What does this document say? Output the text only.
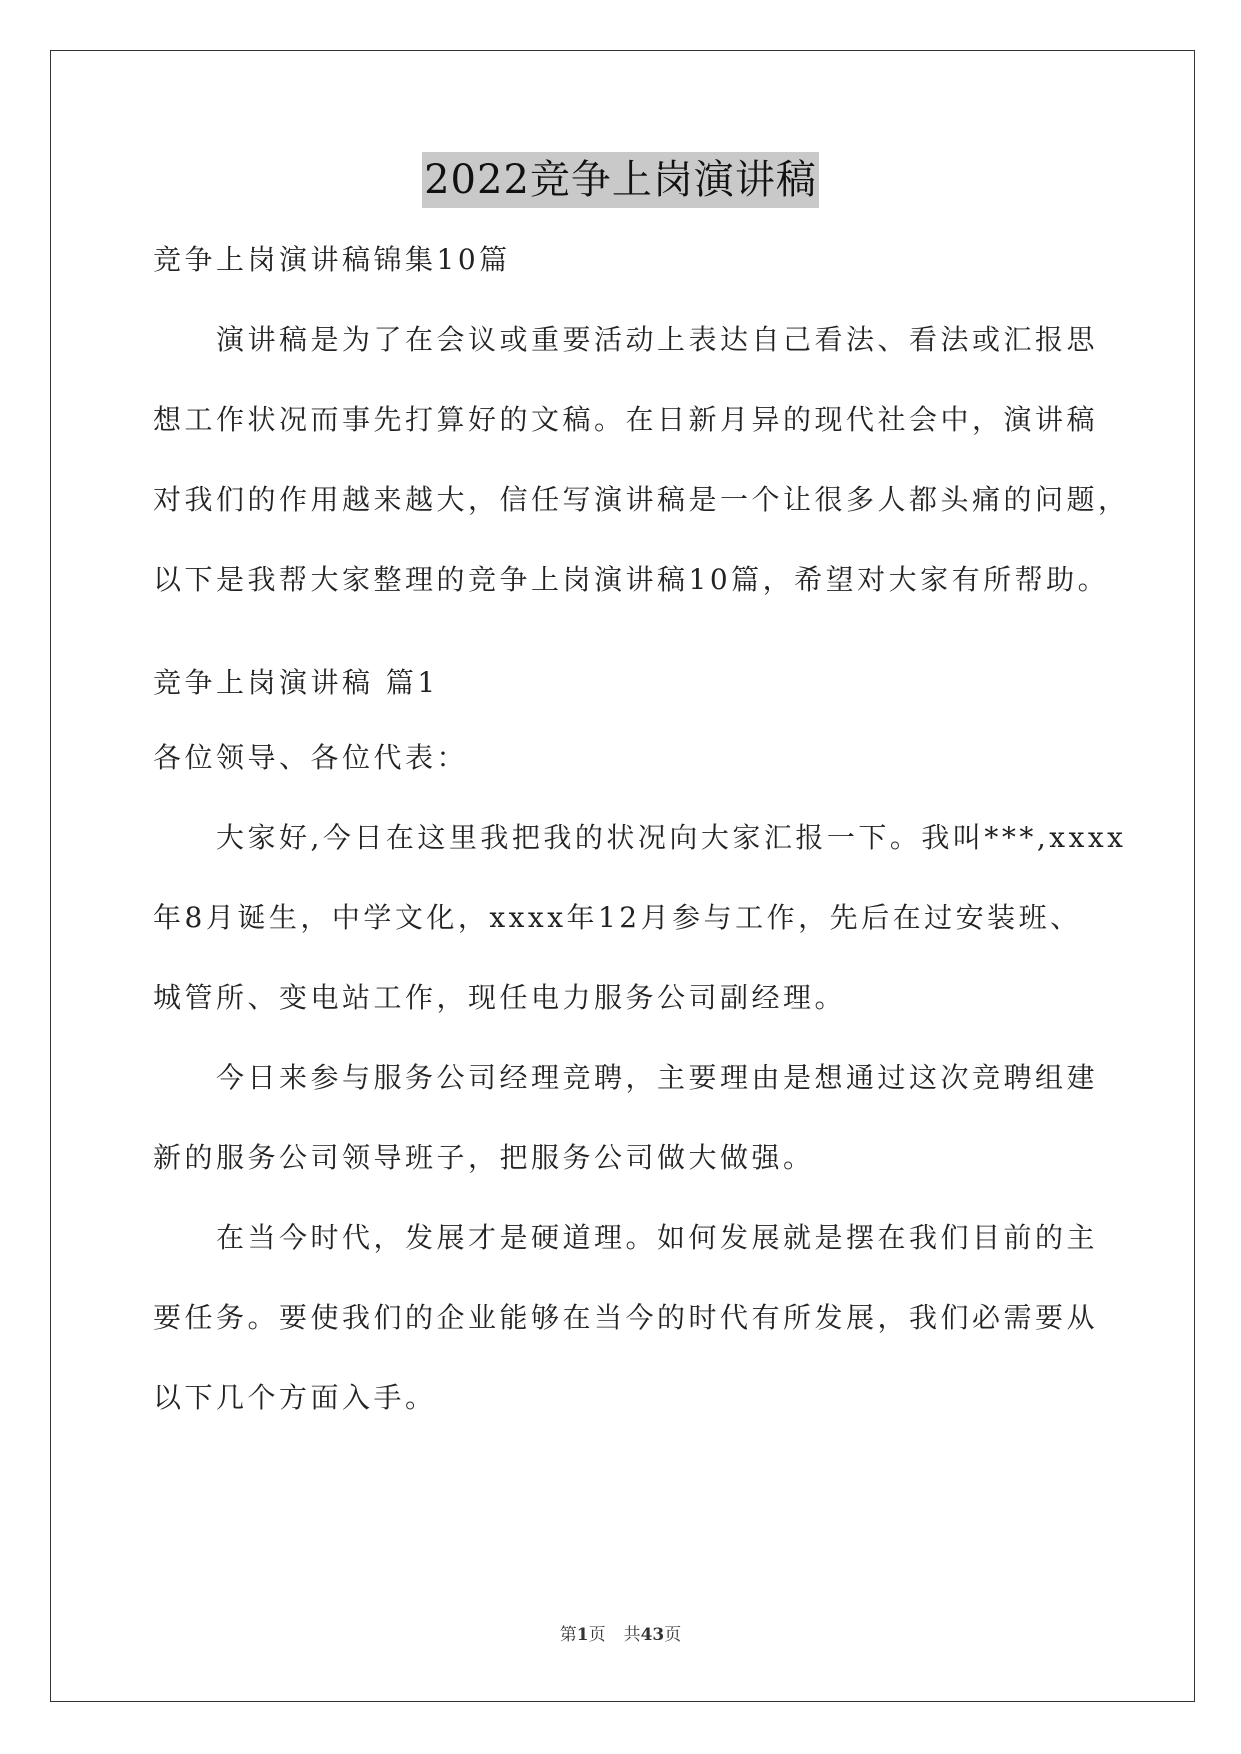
2022竞争上岗演讲稿
竞争上岗演讲稿锦集10篇
演讲稿是为了在会议或重要活动上表达自己看法、看法或汇报思
想工作状况而事先打算好的文稿。在日新月异的现代社会中，演讲稿
对我们的作用越来越大，信任写演讲稿是一个让很多人都头痛的问题，
以下是我帮大家整理的竞争上岗演讲稿10篇，希望对大家有所帮助。
竞争上岗演讲稿 篇1
各位领导、各位代表：
大家好,今日在这里我把我的状况向大家汇报一下。我叫***,xxxx
年8月诞生，中学文化，xxxx年12月参与工作，先后在过安装班、
城管所、变电站工作，现任电力服务公司副经理。
今日来参与服务公司经理竞聘，主要理由是想通过这次竞聘组建
新的服务公司领导班子，把服务公司做大做强。
在当今时代，发展才是硬道理。如何发展就是摆在我们目前的主
要任务。要使我们的企业能够在当今的时代有所发展，我们必需要从
以下几个方面入手。
第1页 共43页
